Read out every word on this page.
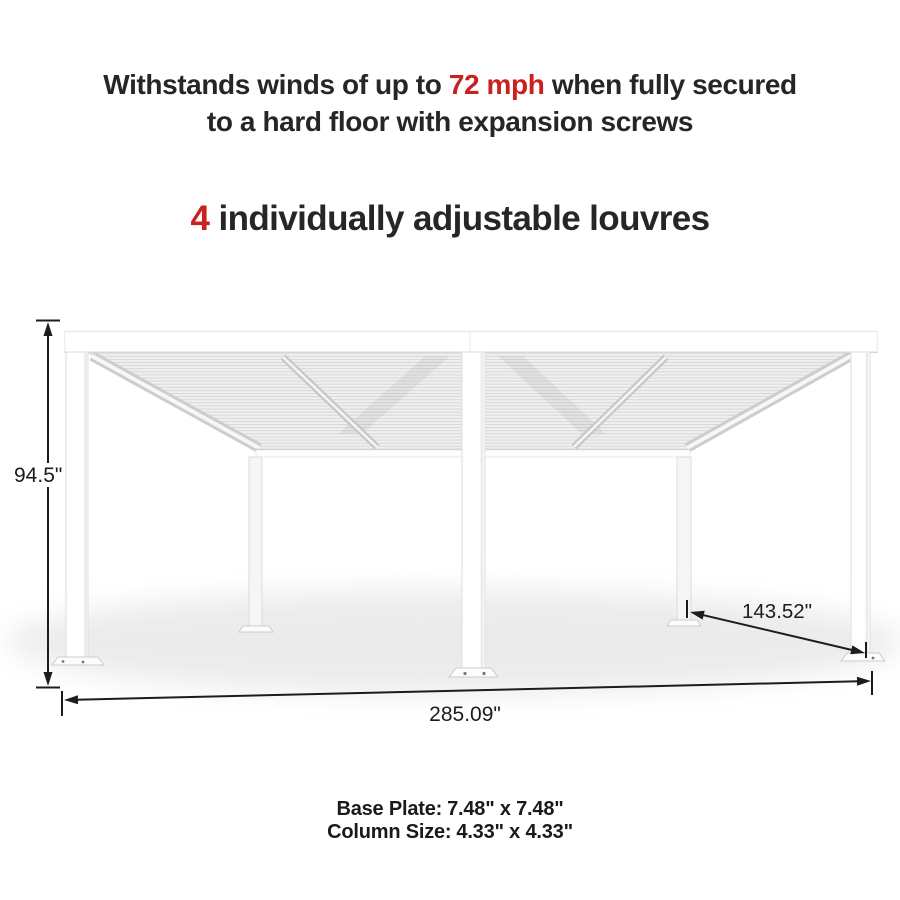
Withstands winds of up to 72 mph when fully secured
to a hard floor with expansion screws
4 individually adjustable louvres
94.5"
285.09"
143.52"
Base Plate: 7.48" x 7.48"
Column Size: 4.33" x 4.33"
